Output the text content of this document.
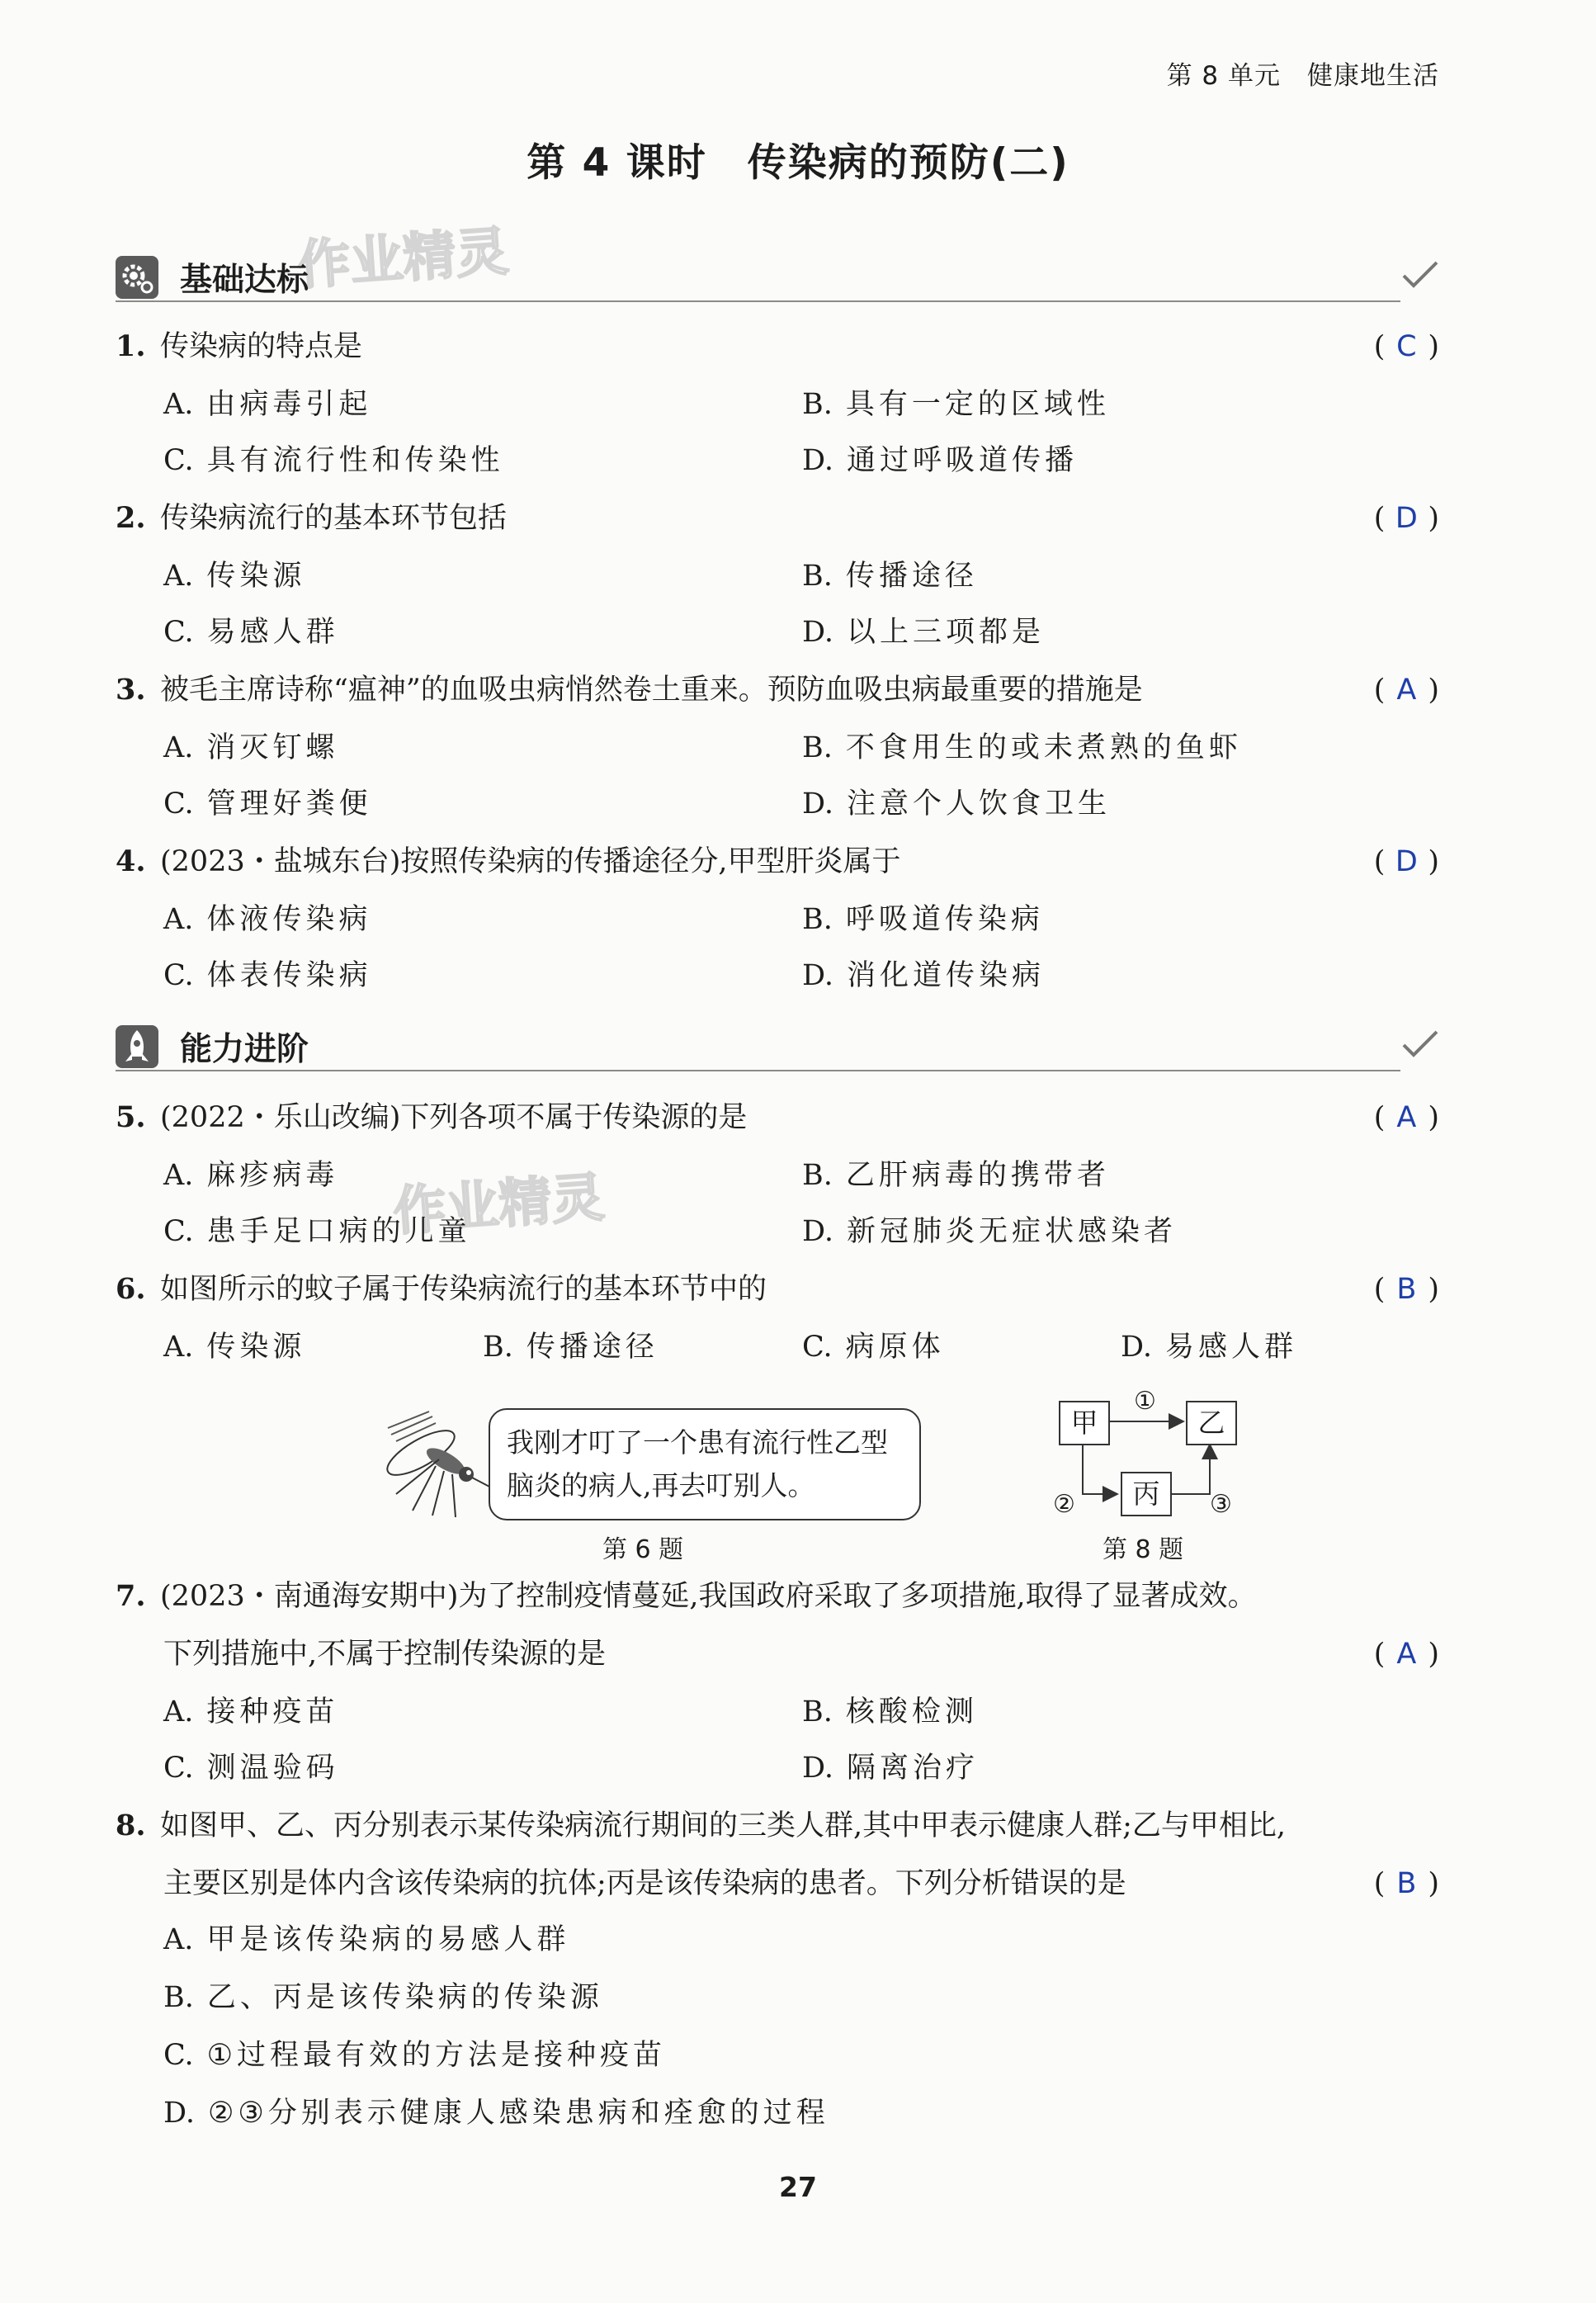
第 8 单元　健康地生活
第 4 课时　传染病的预防(二)
作业精灵
作业精灵
基础达标
1. 传染病的特点是	( C )
A. 由病毒引起	B. 具有一定的区域性
C. 具有流行性和传染性	D. 通过呼吸道传播
2. 传染病流行的基本环节包括	( D )
A. 传染源	B. 传播途径
C. 易感人群	D. 以上三项都是
3. 被毛主席诗称“瘟神”的血吸虫病悄然卷土重来。预防血吸虫病最重要的措施是	( A )
A. 消灭钉螺	B. 不食用生的或未煮熟的鱼虾
C. 管理好粪便	D. 注意个人饮食卫生
4. (2023・盐城东台)按照传染病的传播途径分,甲型肝炎属于	( D )
A. 体液传染病	B. 呼吸道传染病
C. 体表传染病	D. 消化道传染病
能力进阶
5. (2022・乐山改编)下列各项不属于传染源的是	( A )
A. 麻疹病毒	B. 乙肝病毒的携带者
C. 患手足口病的儿童	D. 新冠肺炎无症状感染者
6. 如图所示的蚊子属于传染病流行的基本环节中的	( B )
A. 传染源	B. 传播途径	C. 病原体	D. 易感人群
我刚才叮了一个患有流行性乙型
脑炎的病人,再去叮别人。
第 6 题
甲	乙
丙
①
②	③
第 8 题
7. (2023・南通海安期中)为了控制疫情蔓延,我国政府采取了多项措施,取得了显著成效。
下列措施中,不属于控制传染源的是	( A )
A. 接种疫苗	B. 核酸检测
C. 测温验码	D. 隔离治疗
8. 如图甲、乙、丙分别表示某传染病流行期间的三类人群,其中甲表示健康人群;乙与甲相比,
主要区别是体内含该传染病的抗体;丙是该传染病的患者。下列分析错误的是	( B )
A. 甲是该传染病的易感人群
B. 乙、丙是该传染病的传染源
C. ①过程最有效的方法是接种疫苗
D. ②③分别表示健康人感染患病和痊愈的过程
27
